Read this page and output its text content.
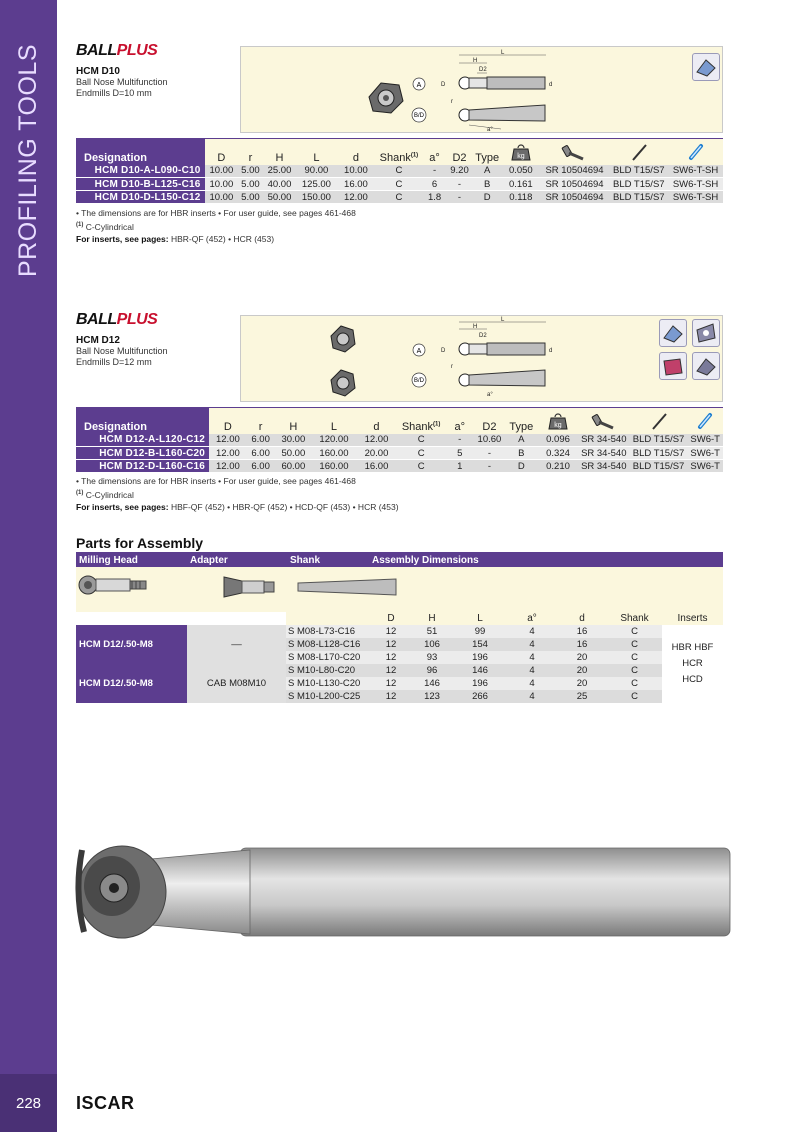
PROFILING TOOLS
228
BALLPLUS
HCM D10
Ball Nose Multifunction
Endmills D=10 mm
A
B/D
L
H
D2
D	d
r
a°
Designation	D	r	H	L	d	Shank$^{(1)}$	a°	D2	Type	kg

HCM D10-A-L090-C10	10.00	5.00	25.00	90.00	10.00	C	-	9.20	A	0.050	SR 10504694	BLD T15/S7	SW6-T-SH
HCM D10-B-L125-C16	10.00	5.00	40.00	125.00	16.00	C	6	-	B	0.161	SR 10504694	BLD T15/S7	SW6-T-SH
HCM D10-D-L150-C12	10.00	5.00	50.00	150.00	12.00	C	1.8	-	D	0.118	SR 10504694	BLD T15/S7	SW6-T-SH
• The dimensions are for HBR inserts • For user guide, see pages 461-468
$^{(1)}$ C-Cylindrical
For inserts, see pages: HBR-QF (452) • HCR (453)
BALLPLUS
HCM D12
Ball Nose Multifunction
Endmills D=12 mm
A
B/D
L
H
D2
D	d
r
a°
Designation	D	r	H	L	d	Shank$^{(1)}$	a°	D2	Type	kg

HCM D12-A-L120-C12	12.00	6.00	30.00	120.00	12.00	C	-	10.60	A	0.096	SR 34-540	BLD T15/S7	SW6-T
HCM D12-B-L160-C20	12.00	6.00	50.00	160.00	20.00	C	5	-	B	0.324	SR 34-540	BLD T15/S7	SW6-T
HCM D12-D-L160-C16	12.00	6.00	60.00	160.00	16.00	C	1	-	D	0.210	SR 34-540	BLD T15/S7	SW6-T
• The dimensions are for HBR inserts • For user guide, see pages 461-468
$^{(1)}$ C-Cylindrical
For inserts, see pages: HBF-QF (452) • HBR-QF (452) • HCD-QF (453) • HCR (453)
Parts for Assembly
Milling Head	Adapter	Shank	Assembly Dimensions
			D	H	L	a°	d	Shank	Inserts
HCM D12/.50-M8	––	S M08-L73-C16	12	51	99	4	16	C	HBR HBF
HCR
HCD

		S M08-L128-C16	12	106	154	4	16	C	
		S M08-L170-C20	12	93	196	4	20	C	
HCM D12/.50-M8	CAB M08M10	S M10-L80-C20	12	96	146	4	20	C	
		S M10-L130-C20	12	146	196	4	20	C	
		S M10-L200-C25	12	123	266	4	25	C	
ISCAR
